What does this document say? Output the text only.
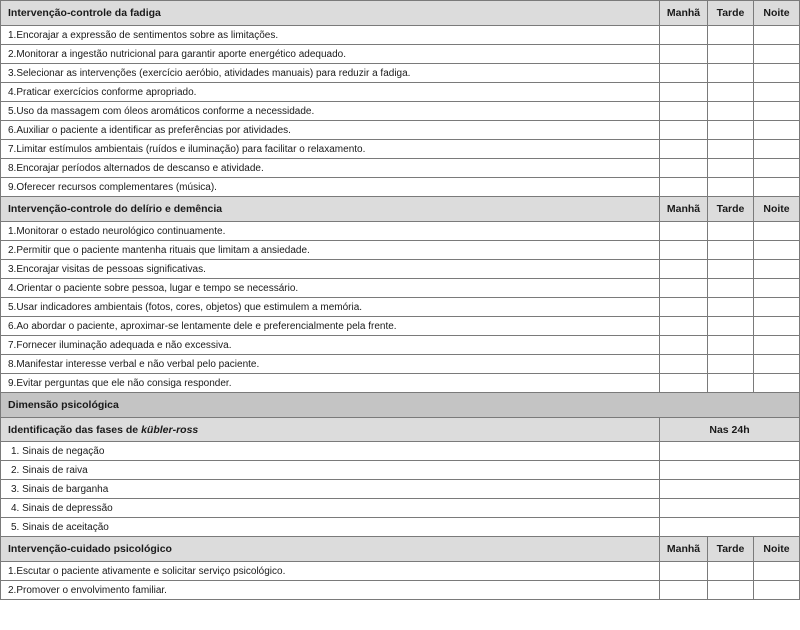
Intervenção-controle da fadiga	Manhã	Tarde	Noite
1.Encorajar a expressão de sentimentos sobre as limitações.			
2.Monitorar a ingestão nutricional para garantir aporte energético adequado.			
3.Selecionar as intervenções (exercício aeróbio, atividades manuais) para reduzir a fadiga.			
4.Praticar exercícios conforme apropriado.			
5.Uso da massagem com óleos aromáticos conforme a necessidade.			
6.Auxiliar o paciente a identificar as preferências por atividades.			
7.Limitar estímulos ambientais (ruídos e iluminação) para facilitar o relaxamento.			
8.Encorajar períodos alternados de descanso e atividade.			
9.Oferecer recursos complementares (música).			
Intervenção-controle do delírio e demência	Manhã	Tarde	Noite
1.Monitorar o estado neurológico continuamente.			
2.Permitir que o paciente mantenha rituais que limitam a ansiedade.			
3.Encorajar visitas de pessoas significativas.			
4.Orientar o paciente sobre pessoa, lugar e tempo se necessário.			
5.Usar indicadores ambientais (fotos, cores, objetos) que estimulem a memória.			
6.Ao abordar o paciente, aproximar-se lentamente dele e preferencialmente pela frente.			
7.Fornecer iluminação adequada e não excessiva.			
8.Manifestar interesse verbal e não verbal pelo paciente.			
9.Evitar perguntas que ele não consiga responder.			
Dimensão psicológica			
Identificação das fases de kübler-ross	Nas 24h		
1. Sinais de negação			
2. Sinais de raiva			
3. Sinais de barganha			
4. Sinais de depressão			
5. Sinais de aceitação			
Intervenção-cuidado psicológico	Manhã	Tarde	Noite
1.Escutar o paciente ativamente e solicitar serviço psicológico.			
2.Promover o envolvimento familiar.			
